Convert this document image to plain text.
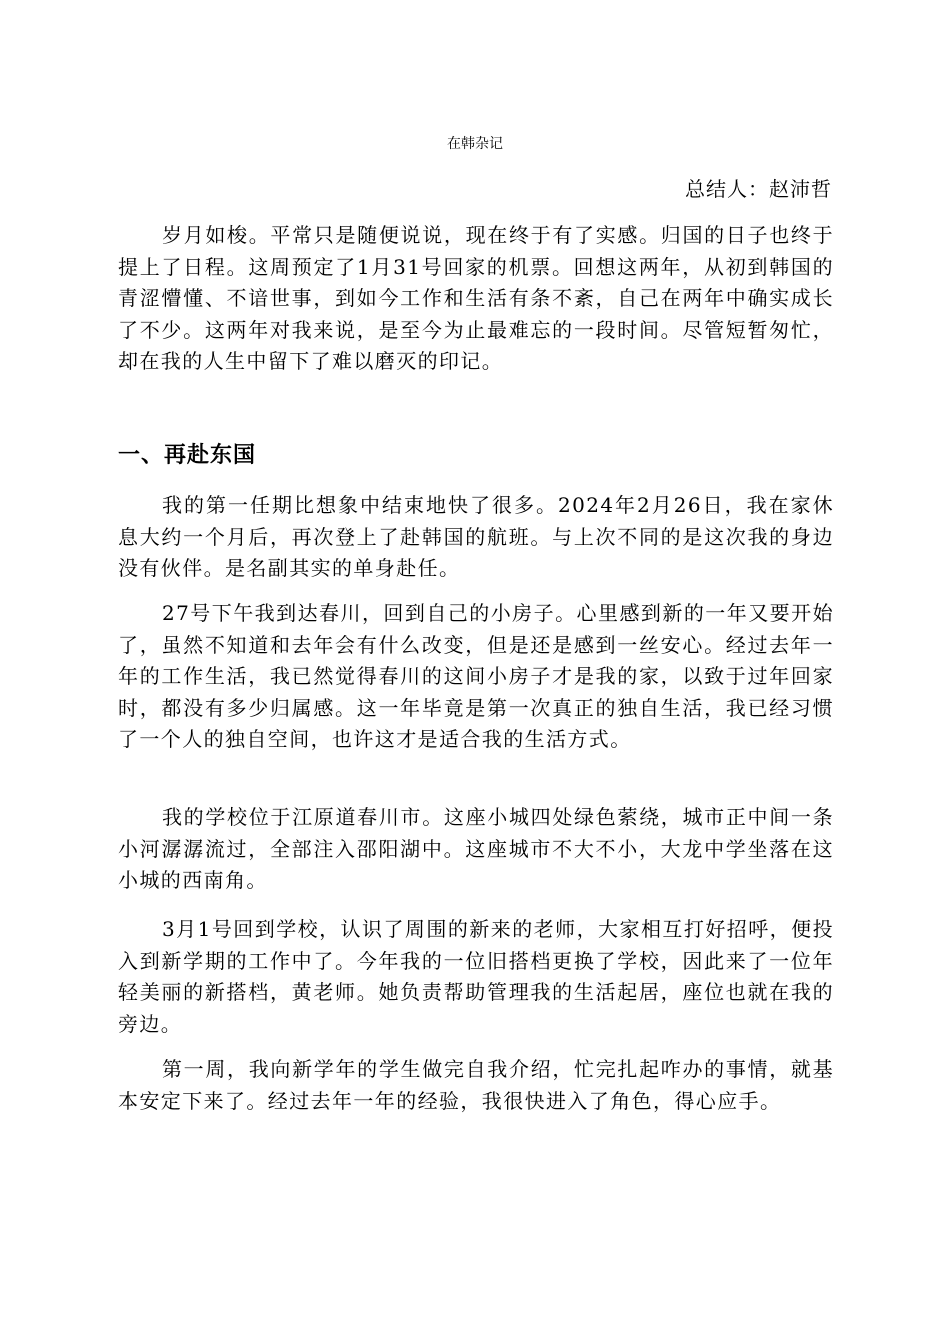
在韩杂记
总结人：赵沛哲

岁月如梭。平常只是随便说说，现在终于有了实感。归国的日子也终于提上了日程。这周预定了1月31号回家的机票。回想这两年，从初到韩国的青涩懵懂、不谙世事，到如今工作和生活有条不紊，自己在两年中确实成长了不少。这两年对我来说，是至今为止最难忘的一段时间。尽管短暂匆忙，却在我的人生中留下了难以磨灭的印记。

一、再赴东国

我的第一任期比想象中结束地快了很多。2024年2月26日，我在家休息大约一个月后，再次登上了赴韩国的航班。与上次不同的是这次我的身边没有伙伴。是名副其实的单身赴任。

27号下午我到达春川，回到自己的小房子。心里感到新的一年又要开始了，虽然不知道和去年会有什么改变，但是还是感到一丝安心。经过去年一年的工作生活，我已然觉得春川的这间小房子才是我的家，以致于过年回家时，都没有多少归属感。这一年毕竟是第一次真正的独自生活，我已经习惯了一个人的独自空间，也许这才是适合我的生活方式。

我的学校位于江原道春川市。这座小城四处绿色萦绕，城市正中间一条小河潺潺流过，全部注入邵阳湖中。这座城市不大不小，大龙中学坐落在这小城的西南角。

3月1号回到学校，认识了周围的新来的老师，大家相互打好招呼，便投入到新学期的工作中了。今年我的一位旧搭档更换了学校，因此来了一位年轻美丽的新搭档，黄老师。她负责帮助管理我的生活起居，座位也就在我的旁边。

第一周，我向新学年的学生做完自我介绍，忙完扎起咋办的事情，就基本安定下来了。经过去年一年的经验，我很快进入了角色，得心应手。
